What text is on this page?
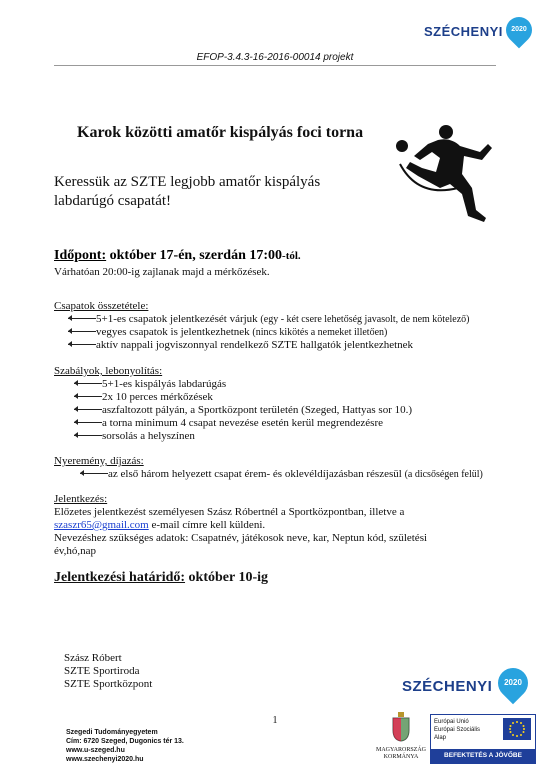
SZÉCHENYI	2020
EFOP-3.4.3-16-2016-00014 projekt
Karok közötti amatőr kispályás foci torna
Keressük az SZTE legjobb amatőr kispályás
labdarúgó csapatát!
Időpont: október 17-én, szerdán 17:00-tól.
Várhatóan 20:00-ig zajlanak majd a mérkőzések.
Csapatok összetétele:
5+1-es csapatok jelentkezését várjuk (egy - két csere lehetőség javasolt, de nem kötelező)
vegyes csapatok is jelentkezhetnek (nincs kikötés a nemeket illetően)
aktív nappali jogviszonnyal rendelkező SZTE hallgatók jelentkezhetnek
Szabályok, lebonyolítás:
5+1-es kispályás labdarúgás
2x 10 perces mérkőzések
aszfaltozott pályán, a Sportközpont területén (Szeged, Hattyas sor 10.)
a torna minimum 4 csapat nevezése esetén kerül megrendezésre
sorsolás a helyszínen
Nyeremény, díjazás:
az első három helyezett csapat érem- és oklevéldíjazásban részesül (a dicsőségen felül)
Jelentkezés:
Előzetes jelentkezést személyesen Szász Róbertnél a Sportközpontban, illetve a
szaszr65@gmail.com e-mail címre kell küldeni.
Nevezéshez szükséges adatok: Csapatnév, játékosok neve, kar, Neptun kód, születési
év,hó,nap
Jelentkezési határidő: október 10-ig
Szász Róbert
SZTE Sportiroda
SZTE Sportközpont	SZÉCHENYI	2020
1
Szegedi Tudományegyetem
Cím: 6720 Szeged, Dugonics tér 13.
www.u-szeged.hu
www.szechenyi2020.hu
MAGYARORSZÁG
KORMÁNYA
Európai Unió
Európai Szociális
Alap
BEFEKTETÉS A JÖVŐBE
